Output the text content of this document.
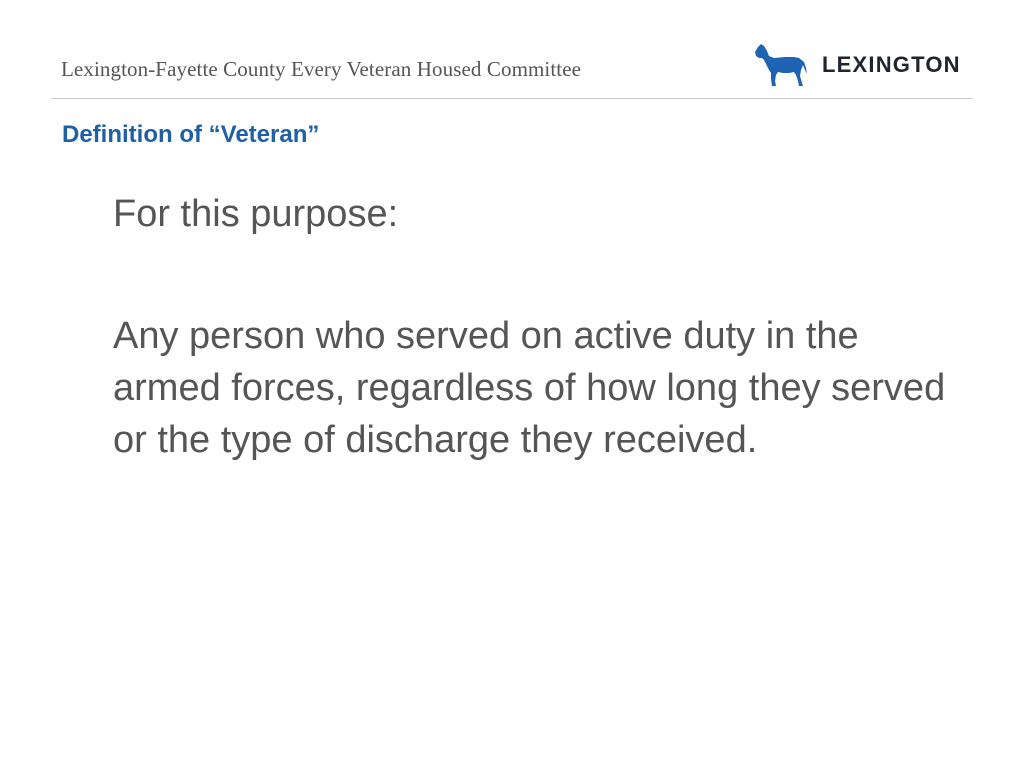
Lexington-Fayette County Every Veteran Housed Committee	LEXINGTON
Definition of “Veteran”
For this purpose:
Any person who served on active duty in the armed forces, regardless of how long they served or the type of discharge they received.
